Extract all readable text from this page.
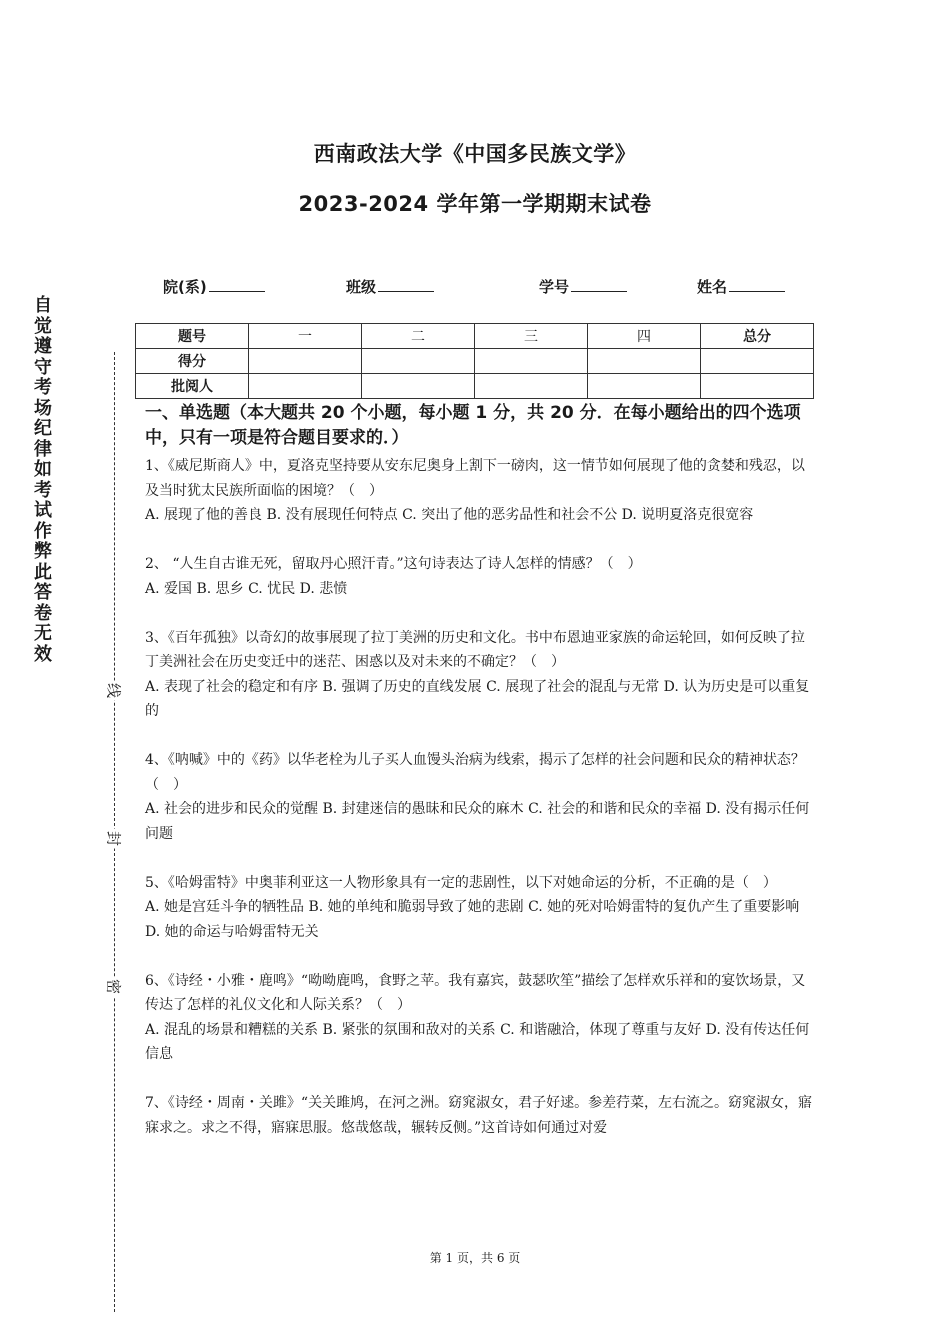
西南政法大学《中国多民族文学》
2023-2024 学年第一学期期末试卷
院(系)	班级	学号	姓名
题号	一	二	三	四	总分
得分					
批阅人					
自觉遵守考场纪律如考试作弊此答卷无效
线
封
密
一、单选题（本大题共 20 个小题，每小题 1 分，共 20 分．在每小题给出的四个选项中，只有一项是符合题目要求的．）

1、《威尼斯商人》中，夏洛克坚持要从安东尼奥身上割下一磅肉，这一情节如何展现了他的贪婪和残忍，以及当时犹太民族所面临的困境？（　）

A. 展现了他的善良 B. 没有展现任何特点 C. 突出了他的恶劣品性和社会不公 D. 说明夏洛克很宽容

2、 “人生自古谁无死，留取丹心照汗青。”这句诗表达了诗人怎样的情感？（　）

A. 爱国 B. 思乡 C. 忧民 D. 悲愤

3、《百年孤独》以奇幻的故事展现了拉丁美洲的历史和文化。书中布恩迪亚家族的命运轮回，如何反映了拉丁美洲社会在历史变迁中的迷茫、困惑以及对未来的不确定？（　）

A. 表现了社会的稳定和有序 B. 强调了历史的直线发展 C. 展现了社会的混乱与无常 D. 认为历史是可以重复的

4、《呐喊》中的《药》以华老栓为儿子买人血馒头治病为线索，揭示了怎样的社会问题和民众的精神状态？（　）

A. 社会的进步和民众的觉醒 B. 封建迷信的愚昧和民众的麻木 C. 社会的和谐和民众的幸福 D. 没有揭示任何问题

5、《哈姆雷特》中奥菲利亚这一人物形象具有一定的悲剧性，以下对她命运的分析，不正确的是（　）

A. 她是宫廷斗争的牺牲品 B. 她的单纯和脆弱导致了她的悲剧 C. 她的死对哈姆雷特的复仇产生了重要影响 D. 她的命运与哈姆雷特无关

6、《诗经・小雅・鹿鸣》“呦呦鹿鸣，食野之苹。我有嘉宾，鼓瑟吹笙”描绘了怎样欢乐祥和的宴饮场景，又传达了怎样的礼仪文化和人际关系？（　）

A. 混乱的场景和糟糕的关系 B. 紧张的氛围和敌对的关系 C. 和谐融洽，体现了尊重与友好 D. 没有传达任何信息

7、《诗经・周南・关雎》“关关雎鸠，在河之洲。窈窕淑女，君子好逑。参差荇菜，左右流之。窈窕淑女，寤寐求之。求之不得，寤寐思服。悠哉悠哉，辗转反侧。”这首诗如何通过对爱

第 1 页，共 6 页
